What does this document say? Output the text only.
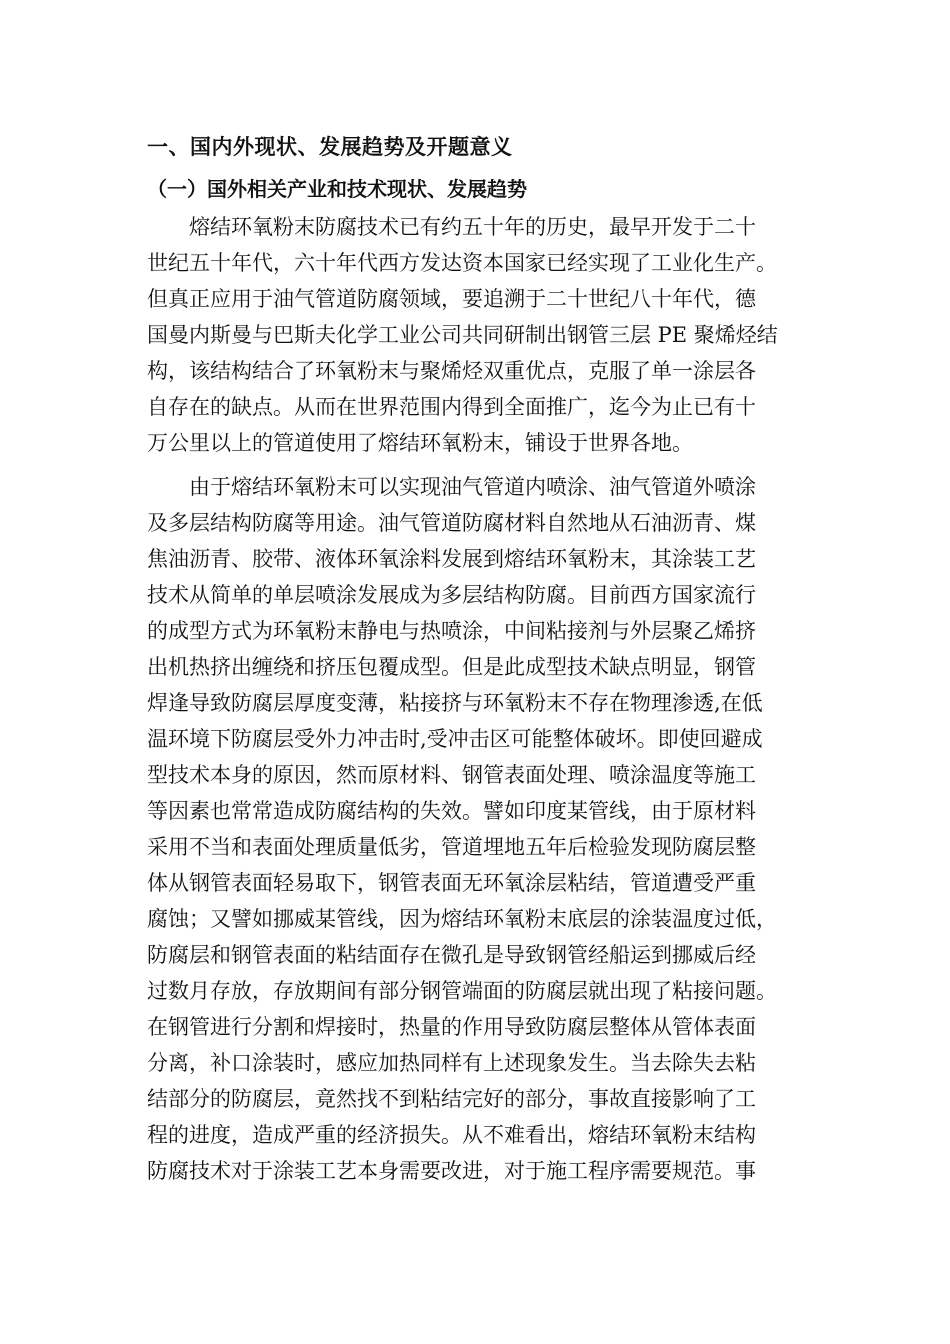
一、国内外现状、发展趋势及开题意义
（一）国外相关产业和技术现状、发展趋势
熔结环氧粉末防腐技术已有约五十年的历史，最早开发于二十
世纪五十年代，六十年代西方发达资本国家已经实现了工业化生产。
但真正应用于油气管道防腐领域，要追溯于二十世纪八十年代，德
国曼内斯曼与巴斯夫化学工业公司共同研制出钢管三层 PE 聚烯烃结
构，该结构结合了环氧粉末与聚烯烃双重优点，克服了单一涂层各
自存在的缺点。从而在世界范围内得到全面推广，迄今为止已有十
万公里以上的管道使用了熔结环氧粉末，铺设于世界各地。
由于熔结环氧粉末可以实现油气管道内喷涂、油气管道外喷涂
及多层结构防腐等用途。油气管道防腐材料自然地从石油沥青、煤
焦油沥青、胶带、液体环氧涂料发展到熔结环氧粉末，其涂装工艺
技术从简单的单层喷涂发展成为多层结构防腐。目前西方国家流行
的成型方式为环氧粉末静电与热喷涂，中间粘接剂与外层聚乙烯挤
出机热挤出缠绕和挤压包覆成型。但是此成型技术缺点明显，钢管
焊逢导致防腐层厚度变薄，粘接挤与环氧粉末不存在物理渗透,在低
温环境下防腐层受外力冲击时,受冲击区可能整体破坏。即使回避成
型技术本身的原因，然而原材料、钢管表面处理、喷涂温度等施工
等因素也常常造成防腐结构的失效。譬如印度某管线，由于原材料
采用不当和表面处理质量低劣，管道埋地五年后检验发现防腐层整
体从钢管表面轻易取下，钢管表面无环氧涂层粘结，管道遭受严重
腐蚀；又譬如挪威某管线，因为熔结环氧粉末底层的涂装温度过低，
防腐层和钢管表面的粘结面存在微孔是导致钢管经船运到挪威后经
过数月存放，存放期间有部分钢管端面的防腐层就出现了粘接问题。
在钢管进行分割和焊接时，热量的作用导致防腐层整体从管体表面
分离，补口涂装时，感应加热同样有上述现象发生。当去除失去粘
结部分的防腐层，竟然找不到粘结完好的部分，事故直接影响了工
程的进度，造成严重的经济损失。从不难看出，熔结环氧粉末结构
防腐技术对于涂装工艺本身需要改进，对于施工程序需要规范。事
